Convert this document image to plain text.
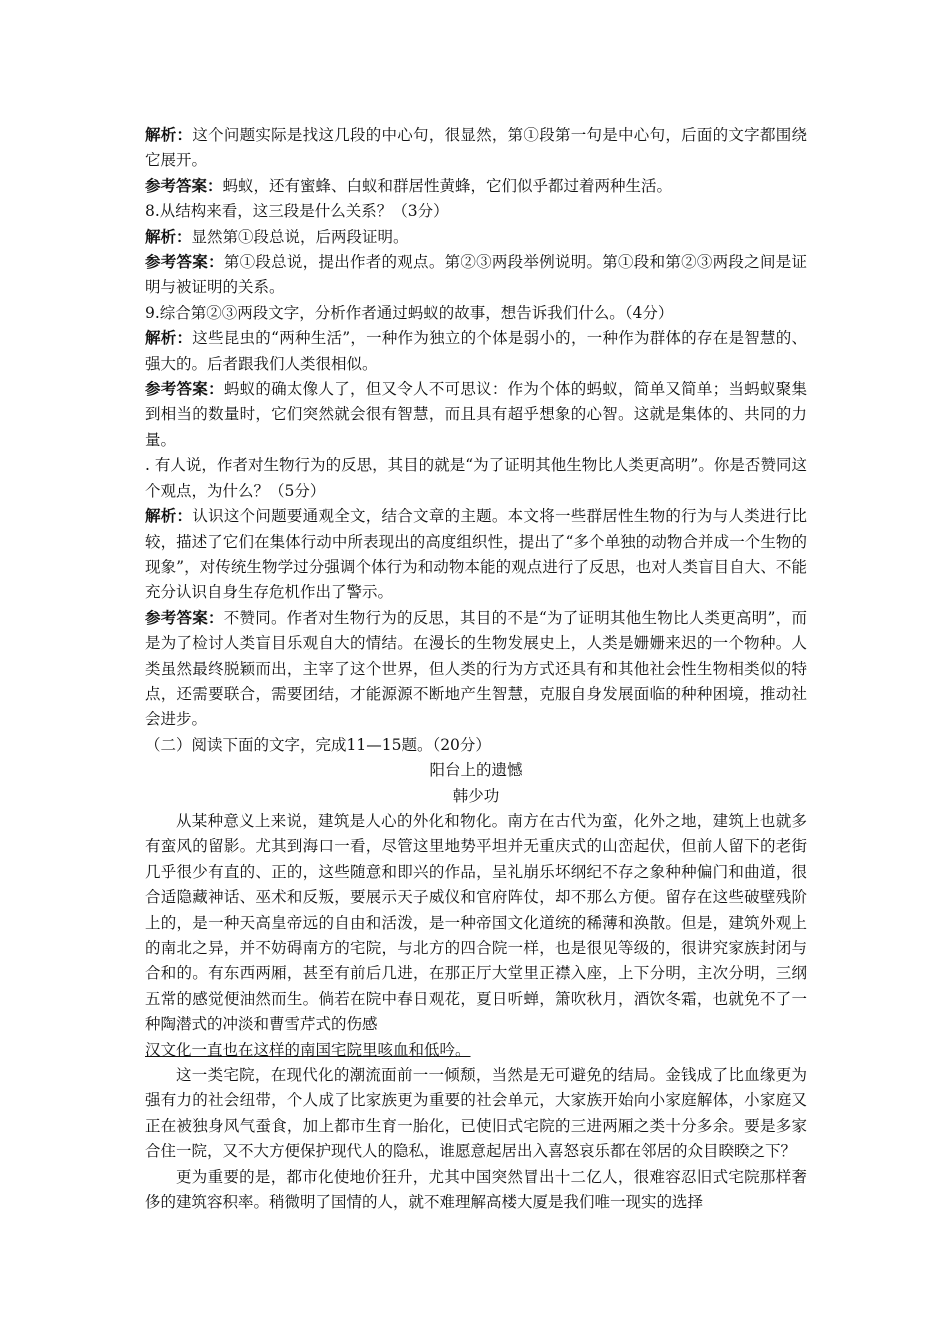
解析：这个问题实际是找这几段的中心句，很显然，第①段第一句是中心句，后面的文字都围绕它展开。

参考答案：蚂蚁，还有蜜蜂、白蚁和群居性黄蜂，它们似乎都过着两种生活。

8.从结构来看，这三段是什么关系？（3分）

解析：显然第①段总说，后两段证明。

参考答案：第①段总说，提出作者的观点。第②③两段举例说明。第①段和第②③两段之间是证明与被证明的关系。

9.综合第②③两段文字，分析作者通过蚂蚁的故事，想告诉我们什么。（4分）

解析：这些昆虫的“两种生活”，一种作为独立的个体是弱小的，一种作为群体的存在是智慧的、强大的。后者跟我们人类很相似。

参考答案：蚂蚁的确太像人了，但又令人不可思议：作为个体的蚂蚁，简单又简单；当蚂蚁聚集到相当的数量时，它们突然就会很有智慧，而且具有超乎想象的心智。这就是集体的、共同的力量。

. 有人说，作者对生物行为的反思，其目的就是“为了证明其他生物比人类更高明”。你是否赞同这个观点，为什么？（5分）

解析：认识这个问题要通观全文，结合文章的主题。本文将一些群居性生物的行为与人类进行比较，描述了它们在集体行动中所表现出的高度组织性，提出了“多个单独的动物合并成一个生物的现象”，对传统生物学过分强调个体行为和动物本能的观点进行了反思，也对人类盲目自大、不能充分认识自身生存危机作出了警示。

参考答案：不赞同。作者对生物行为的反思，其目的不是“为了证明其他生物比人类更高明”，而是为了检讨人类盲目乐观自大的情结。在漫长的生物发展史上，人类是姗姗来迟的一个物种。人类虽然最终脱颖而出，主宰了这个世界，但人类的行为方式还具有和其他社会性生物相类似的特点，还需要联合，需要团结，才能源源不断地产生智慧，克服自身发展面临的种种困境，推动社会进步。

（二）阅读下面的文字，完成11—15题。（20分）

阳台上的遗憾

韩少功

从某种意义上来说，建筑是人心的外化和物化。南方在古代为蛮，化外之地，建筑上也就多有蛮风的留影。尤其到海口一看，尽管这里地势平坦并无重庆式的山峦起伏，但前人留下的老街几乎很少有直的、正的，这些随意和即兴的作品，呈礼崩乐坏纲纪不存之象种种偏门和曲道，很合适隐藏神话、巫术和反叛，要展示天子威仪和官府阵仗，却不那么方便。留存在这些破壁残阶上的，是一种天高皇帝远的自由和活泼，是一种帝国文化道统的稀薄和涣散。但是，建筑外观上的南北之异，并不妨碍南方的宅院，与北方的四合院一样，也是很见等级的，很讲究家族封闭与合和的。有东西两厢，甚至有前后几进，在那正厅大堂里正襟入座，上下分明，主次分明，三纲五常的感觉便油然而生。倘若在院中春日观花，夏日听蝉，箫吹秋月，酒饮冬霜，也就免不了一种陶潜式的冲淡和曹雪芹式的伤感

汉文化一直也在这样的南国宅院里咳血和低吟。

这一类宅院，在现代化的潮流面前一一倾颓，当然是无可避免的结局。金钱成了比血缘更为强有力的社会纽带，个人成了比家族更为重要的社会单元，大家族开始向小家庭解体，小家庭又正在被独身风气蚕食，加上都市生育一胎化，已使旧式宅院的三进两厢之类十分多余。要是多家合住一院，又不大方便保护现代人的隐私，谁愿意起居出入喜怒哀乐都在邻居的众目睽睽之下？

更为重要的是，都市化使地价狂升，尤其中国突然冒出十二亿人，很难容忍旧式宅院那样奢侈的建筑容积率。稍微明了国情的人，就不难理解高楼大厦是我们唯一现实的选择
